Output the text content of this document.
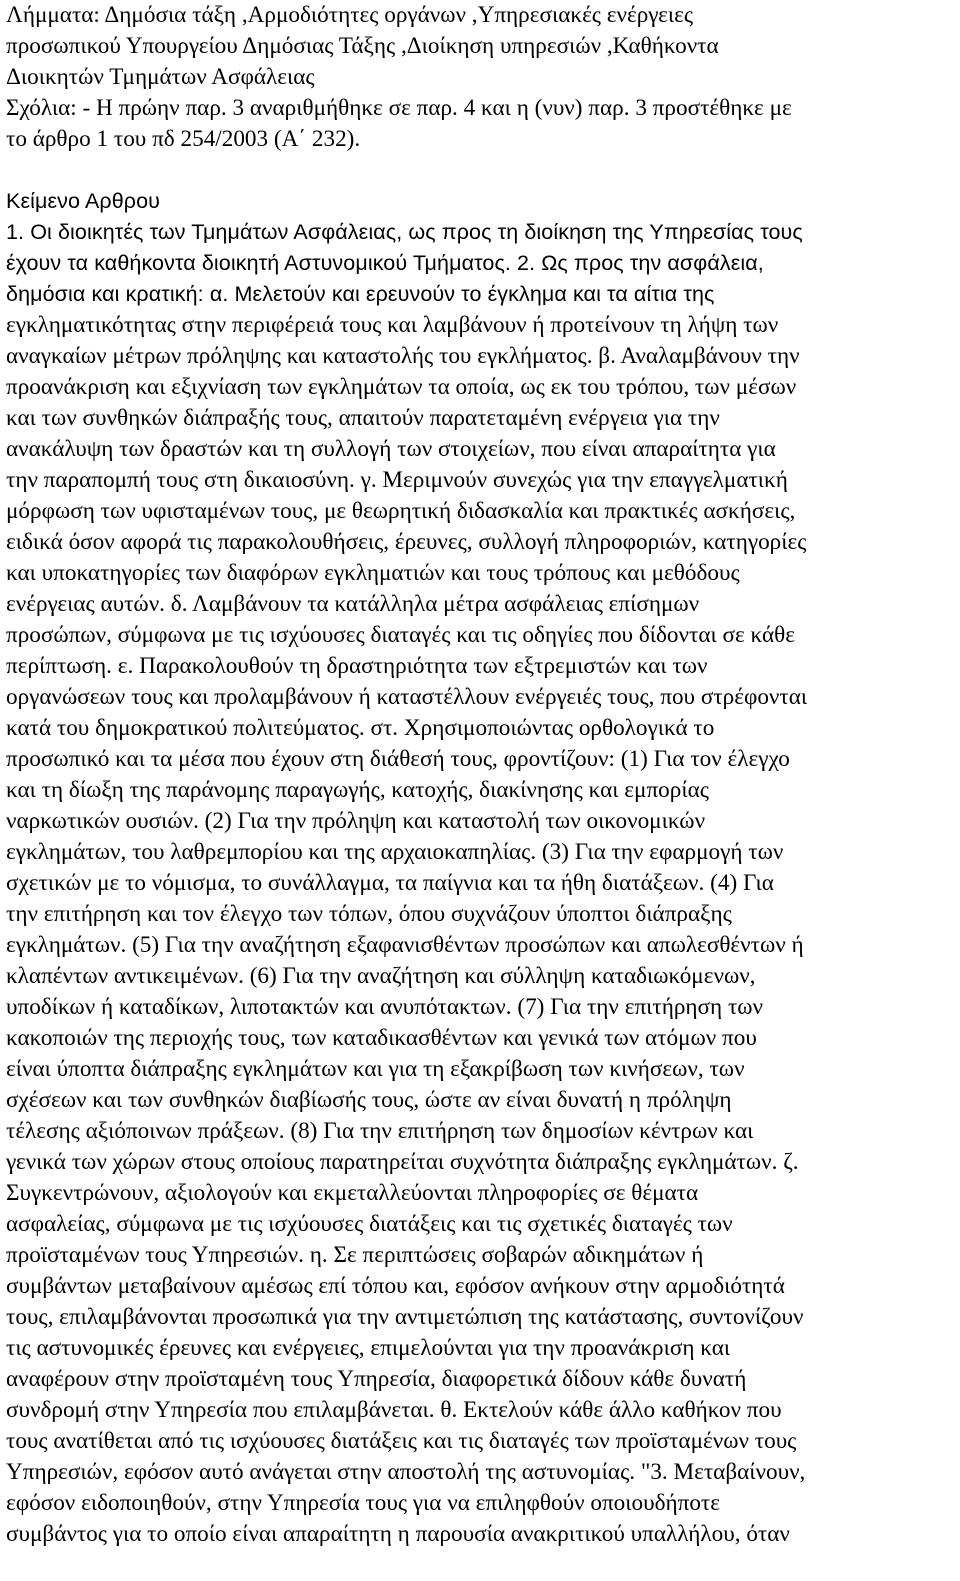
Λήμματα: Δημόσια τάξη ,Αρμοδιότητες οργάνων ,Υπηρεσιακές ενέργειες
προσωπικού Υπουργείου Δημόσιας Τάξης ,Διοίκηση υπηρεσιών ,Καθήκοντα
Διοικητών Τμημάτων Ασφάλειας
Σχόλια: - Η πρώην παρ. 3 αναριθμήθηκε σε παρ. 4 και η (νυν) παρ. 3 προστέθηκε με
το άρθρο 1 του πδ 254/2003 (Α΄ 232).
Κείμενο Αρθρου
1. Οι διοικητές των Τμημάτων Ασφάλειας, ως προς τη διοίκηση της Υπηρεσίας τους
έχουν τα καθήκοντα διοικητή Αστυνομικού Τμήματος. 2. Ως προς την ασφάλεια,
δημόσια και κρατική: α. Μελετούν και ερευνούν το έγκλημα και τα αίτια της
εγκληματικότητας στην περιφέρειά τους και λαμβάνουν ή προτείνουν τη λήψη των
αναγκαίων μέτρων πρόληψης και καταστολής του εγκλήματος. β. Αναλαμβάνουν την
προανάκριση και εξιχνίαση των εγκλημάτων τα οποία, ως εκ του τρόπου, των μέσων
και των συνθηκών διάπραξής τους, απαιτούν παρατεταμένη ενέργεια για την
ανακάλυψη των δραστών και τη συλλογή των στοιχείων, που είναι απαραίτητα για
την παραπομπή τους στη δικαιοσύνη. γ. Μεριμνούν συνεχώς για την επαγγελματική
μόρφωση των υφισταμένων τους, με θεωρητική διδασκαλία και πρακτικές ασκήσεις,
ειδικά όσον αφορά τις παρακολουθήσεις, έρευνες, συλλογή πληροφοριών, κατηγορίες
και υποκατηγορίες των διαφόρων εγκληματιών και τους τρόπους και μεθόδους
ενέργειας αυτών. δ. Λαμβάνουν τα κατάλληλα μέτρα ασφάλειας επίσημων
προσώπων, σύμφωνα με τις ισχύουσες διαταγές και τις οδηγίες που δίδονται σε κάθε
περίπτωση. ε. Παρακολουθούν τη δραστηριότητα των εξτρεμιστών και των
οργανώσεων τους και προλαμβάνουν ή καταστέλλουν ενέργειές τους, που στρέφονται
κατά του δημοκρατικού πολιτεύματος. στ. Χρησιμοποιώντας ορθολογικά το
προσωπικό και τα μέσα που έχουν στη διάθεσή τους, φροντίζουν: (1) Για τον έλεγχο
και τη δίωξη της παράνομης παραγωγής, κατοχής, διακίνησης και εμπορίας
ναρκωτικών ουσιών. (2) Για την πρόληψη και καταστολή των οικονομικών
εγκλημάτων, του λαθρεμπορίου και της αρχαιοκαπηλίας. (3) Για την εφαρμογή των
σχετικών με το νόμισμα, το συνάλλαγμα, τα παίγνια και τα ήθη διατάξεων. (4) Για
την επιτήρηση και τον έλεγχο των τόπων, όπου συχνάζουν ύποπτοι διάπραξης
εγκλημάτων. (5) Για την αναζήτηση εξαφανισθέντων προσώπων και απωλεσθέντων ή
κλαπέντων αντικειμένων. (6) Για την αναζήτηση και σύλληψη καταδιωκόμενων,
υποδίκων ή καταδίκων, λιποτακτών και ανυπότακτων. (7) Για την επιτήρηση των
κακοποιών της περιοχής τους, των καταδικασθέντων και γενικά των ατόμων που
είναι ύποπτα διάπραξης εγκλημάτων και για τη εξακρίβωση των κινήσεων, των
σχέσεων και των συνθηκών διαβίωσής τους, ώστε αν είναι δυνατή η πρόληψη
τέλεσης αξιόποινων πράξεων. (8) Για την επιτήρηση των δημοσίων κέντρων και
γενικά των χώρων στους οποίους παρατηρείται συχνότητα διάπραξης εγκλημάτων. ζ.
Συγκεντρώνουν, αξιολογούν και εκμεταλλεύονται πληροφορίες σε θέματα
ασφαλείας, σύμφωνα με τις ισχύουσες διατάξεις και τις σχετικές διαταγές των
προϊσταμένων τους Υπηρεσιών. η. Σε περιπτώσεις σοβαρών αδικημάτων ή
συμβάντων μεταβαίνουν αμέσως επί τόπου και, εφόσον ανήκουν στην αρμοδιότητά
τους, επιλαμβάνονται προσωπικά για την αντιμετώπιση της κατάστασης, συντονίζουν
τις αστυνομικές έρευνες και ενέργειες, επιμελούνται για την προανάκριση και
αναφέρουν στην προϊσταμένη τους Υπηρεσία, διαφορετικά δίδουν κάθε δυνατή
συνδρομή στην Υπηρεσία που επιλαμβάνεται. θ. Εκτελούν κάθε άλλο καθήκον που
τους ανατίθεται από τις ισχύουσες διατάξεις και τις διαταγές των προϊσταμένων τους
Υπηρεσιών, εφόσον αυτό ανάγεται στην αποστολή της αστυνομίας. "3. Μεταβαίνουν,
εφόσον ειδοποιηθούν, στην Υπηρεσία τους για να επιληφθούν οποιουδήποτε
συμβάντος για το οποίο είναι απαραίτητη η παρουσία ανακριτικού υπαλλήλου, όταν
